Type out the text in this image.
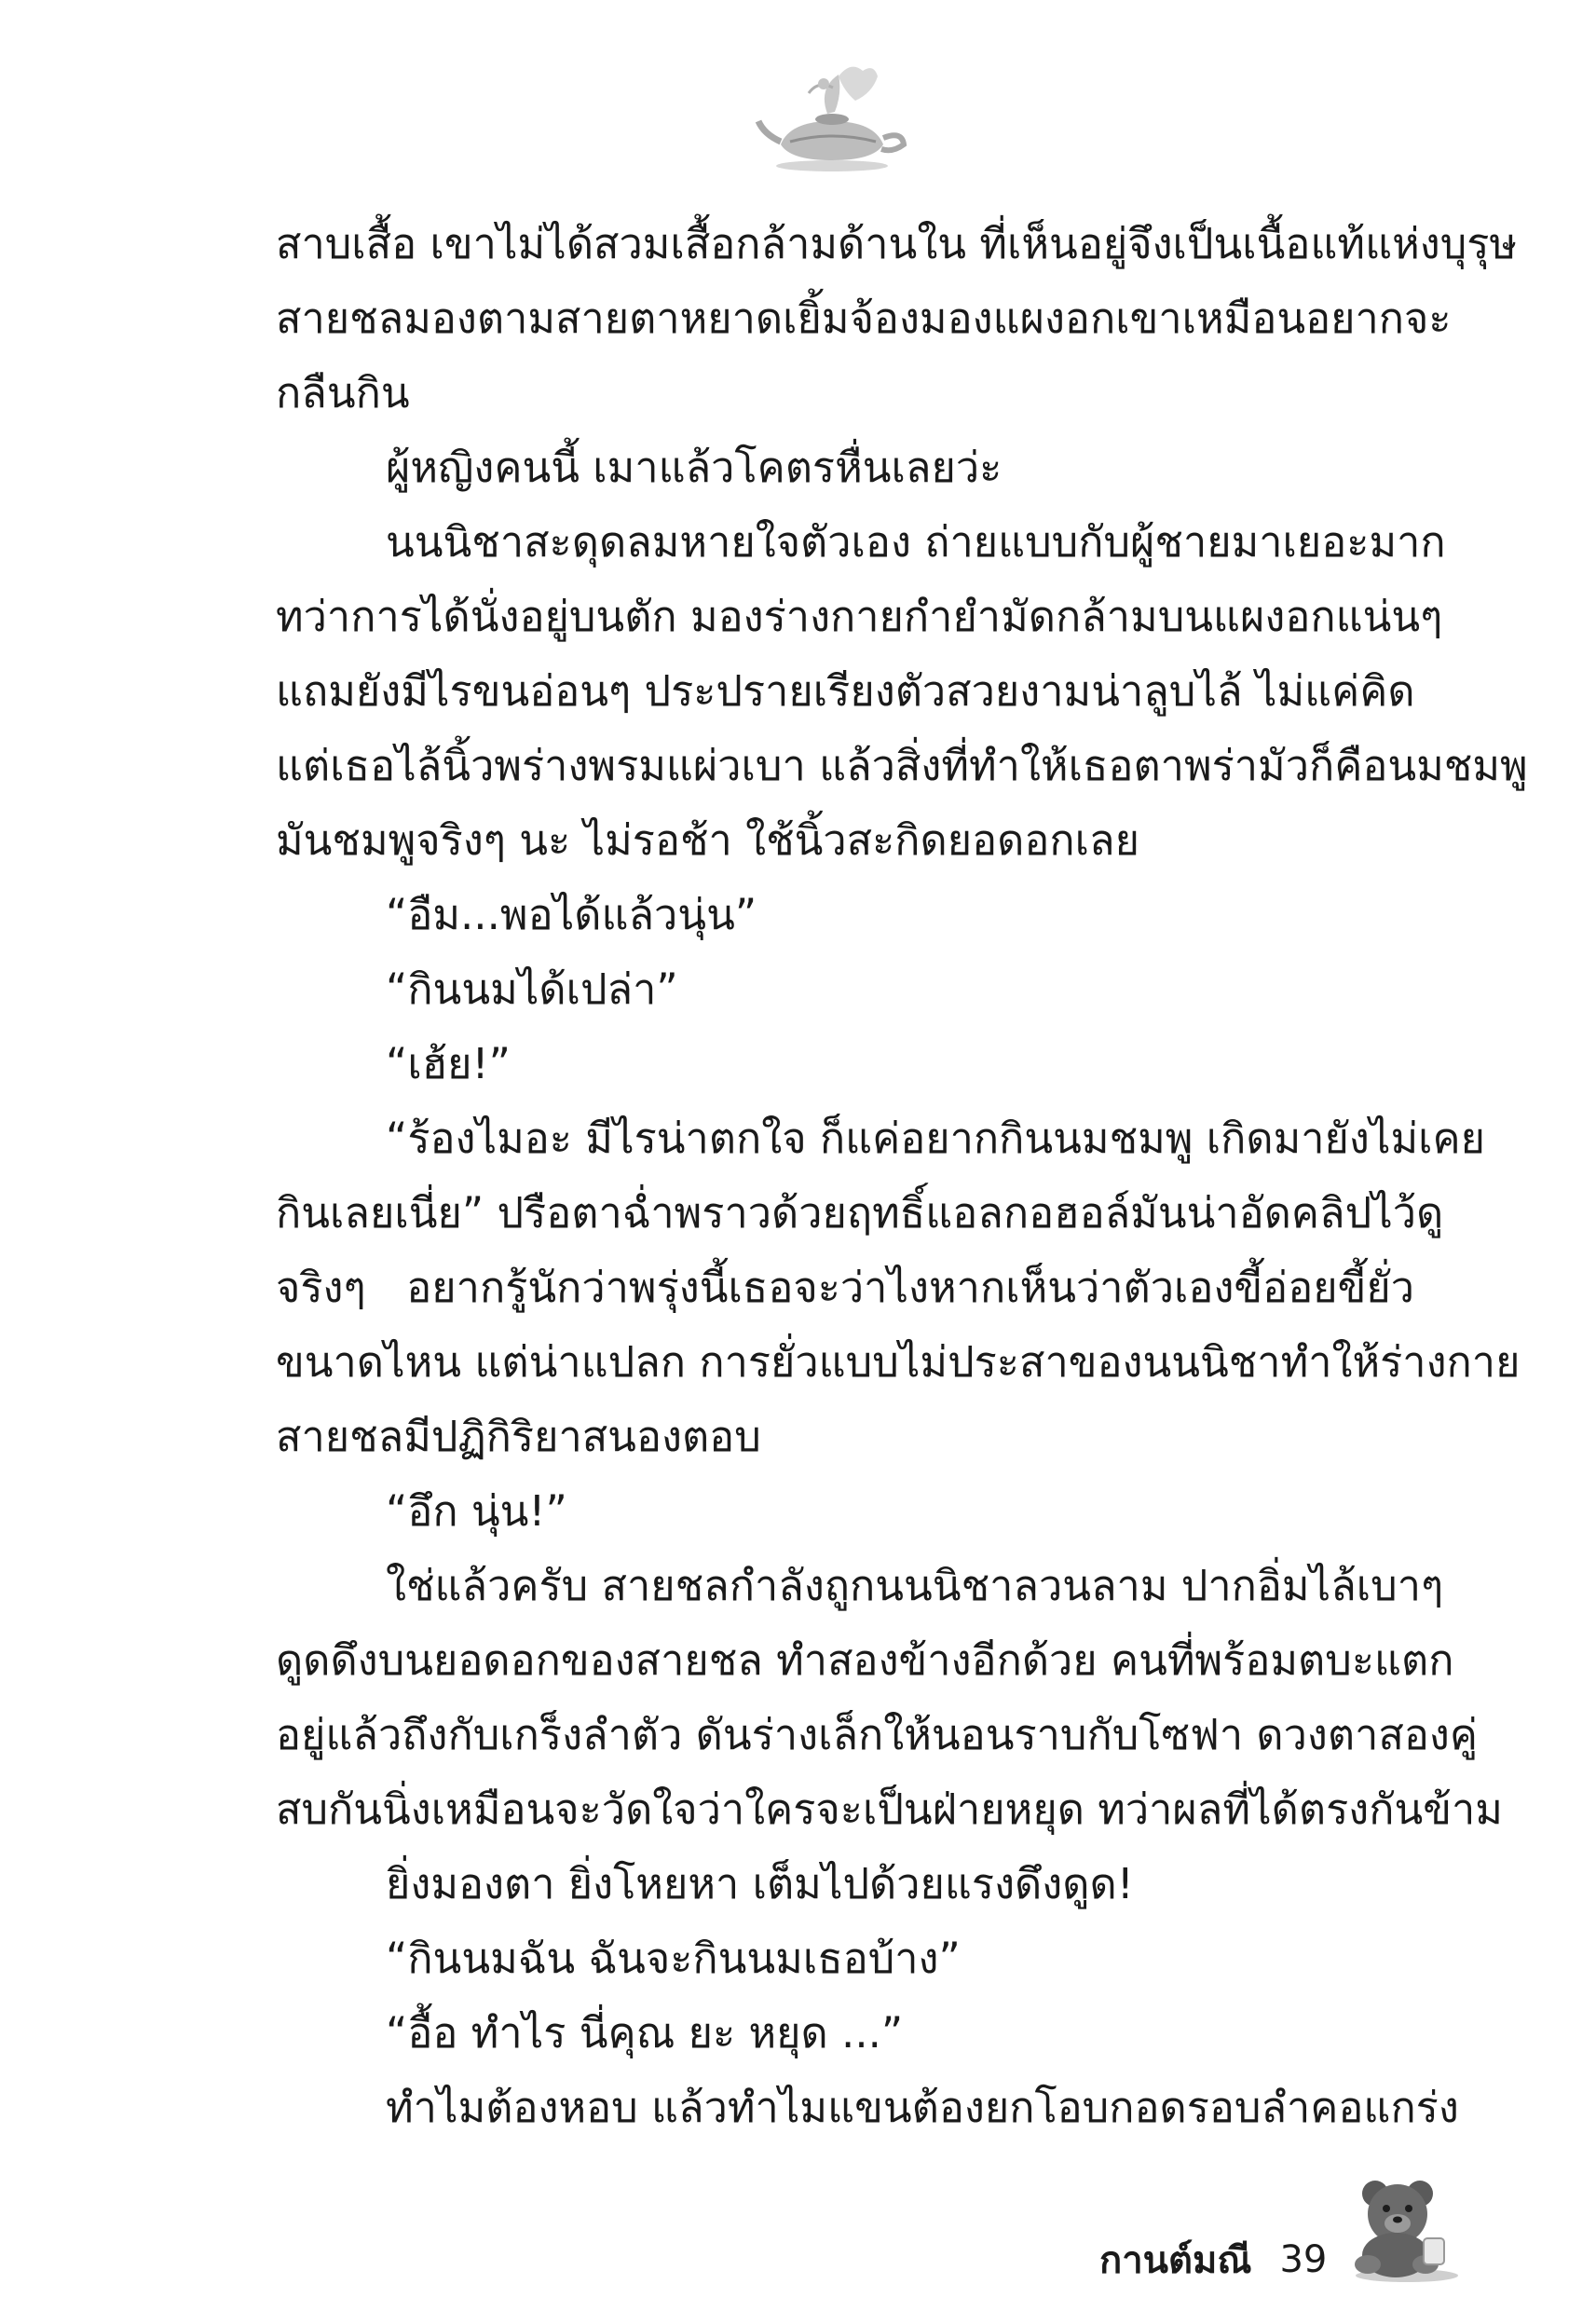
สาบเสื้อ เขาไม่ได้สวมเสื้อกล้ามด้านใน ที่เห็นอยู่จึงเป็นเนื้อแท้แห่งบุรุษ
สายชลมองตามสายตาหยาดเยิ้มจ้องมองแผงอกเขาเหมือนอยากจะ
กลืนกิน
ผู้หญิงคนนี้ เมาแล้วโคตรหื่นเลยว่ะ
นนนิชาสะดุดลมหายใจตัวเอง ถ่ายแบบกับผู้ชายมาเยอะมาก
ทว่าการได้นั่งอยู่บนตัก มองร่างกายกำยำมัดกล้ามบนแผงอกแน่นๆ
แถมยังมีไรขนอ่อนๆ ประปรายเรียงตัวสวยงามน่าลูบไล้ ไม่แค่คิด
แต่เธอไล้นิ้วพร่างพรมแผ่วเบา แล้วสิ่งที่ทำให้เธอตาพร่ามัวก็คือนมชมพู
มันชมพูจริงๆ นะ ไม่รอช้า ใช้นิ้วสะกิดยอดอกเลย
“อืม...พอได้แล้วนุ่น”
“กินนมได้เปล่า”
“เฮ้ย!”
“ร้องไมอะ มีไรน่าตกใจ ก็แค่อยากกินนมชมพู เกิดมายังไม่เคย
กินเลยเนี่ย” ปรือตาฉ่ำพราวด้วยฤทธิ์แอลกอฮอล์มันน่าอัดคลิปไว้ดู
จริงๆ อยากรู้นักว่าพรุ่งนี้เธอจะว่าไงหากเห็นว่าตัวเองขี้อ่อยขี้ยั่ว
ขนาดไหน แต่น่าแปลก การยั่วแบบไม่ประสาของนนนิชาทำให้ร่างกาย
สายชลมีปฏิกิริยาสนองตอบ
“อึก นุ่น!”
ใช่แล้วครับ สายชลกำลังถูกนนนิชาลวนลาม ปากอิ่มไล้เบาๆ
ดูดดึงบนยอดอกของสายชล ทำสองข้างอีกด้วย คนที่พร้อมตบะแตก
อยู่แล้วถึงกับเกร็งลำตัว ดันร่างเล็กให้นอนราบกับโซฟา ดวงตาสองคู่
สบกันนิ่งเหมือนจะวัดใจว่าใครจะเป็นฝ่ายหยุด ทว่าผลที่ได้ตรงกันข้าม
ยิ่งมองตา ยิ่งโหยหา เต็มไปด้วยแรงดึงดูด!
“กินนมฉัน ฉันจะกินนมเธอบ้าง”
“อื้อ ทำไร นี่คุณ ยะ หยุด ...”
ทำไมต้องหอบ แล้วทำไมแขนต้องยกโอบกอดรอบลำคอแกร่ง
กานต์มณี 39
